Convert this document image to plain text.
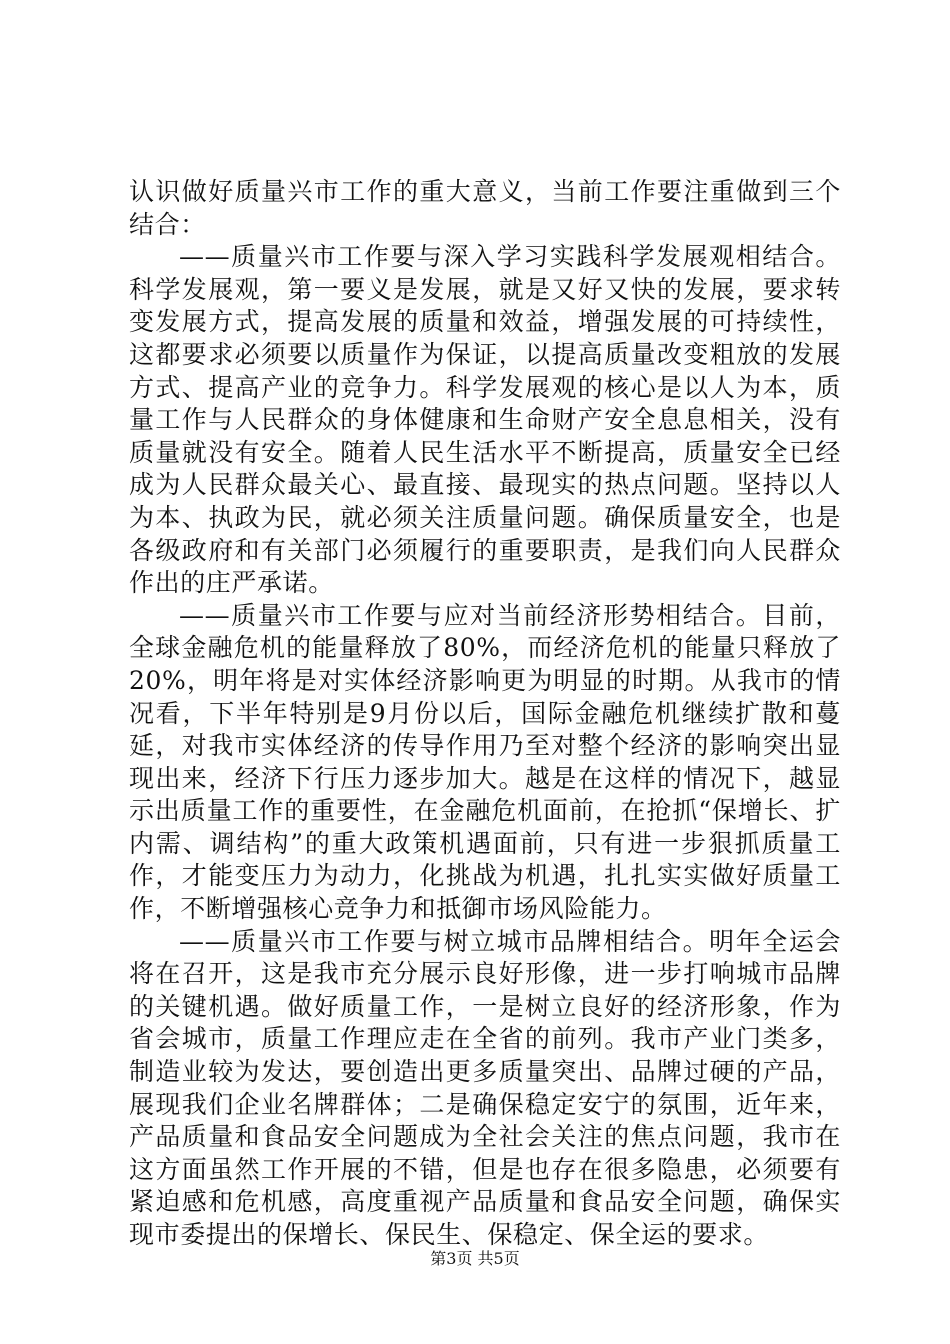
认识做好质量兴市工作的重大意义，当前工作要注重做到三个结合：

——质量兴市工作要与深入学习实践科学发展观相结合。科学发展观，第一要义是发展，就是又好又快的发展，要求转变发展方式，提高发展的质量和效益，增强发展的可持续性，这都要求必须要以质量作为保证，以提高质量改变粗放的发展方式、提高产业的竞争力。科学发展观的核心是以人为本，质量工作与人民群众的身体健康和生命财产安全息息相关，没有质量就没有安全。随着人民生活水平不断提高，质量安全已经成为人民群众最关心、最直接、最现实的热点问题。坚持以人为本、执政为民，就必须关注质量问题。确保质量安全，也是各级政府和有关部门必须履行的重要职责，是我们向人民群众作出的庄严承诺。

——质量兴市工作要与应对当前经济形势相结合。目前，全球金融危机的能量释放了80%，而经济危机的能量只释放了20%，明年将是对实体经济影响更为明显的时期。从我市的情况看，下半年特别是9月份以后，国际金融危机继续扩散和蔓延，对我市实体经济的传导作用乃至对整个经济的影响突出显现出来，经济下行压力逐步加大。越是在这样的情况下，越显示出质量工作的重要性，在金融危机面前，在抢抓“保增长、扩内需、调结构”的重大政策机遇面前，只有进一步狠抓质量工作，才能变压力为动力，化挑战为机遇，扎扎实实做好质量工作，不断增强核心竞争力和抵御市场风险能力。

——质量兴市工作要与树立城市品牌相结合。明年全运会将在召开，这是我市充分展示良好形像，进一步打响城市品牌的关键机遇。做好质量工作，一是树立良好的经济形象，作为省会城市，质量工作理应走在全省的前列。我市产业门类多，制造业较为发达，要创造出更多质量突出、品牌过硬的产品，展现我们企业名牌群体；二是确保稳定安宁的氛围，近年来，产品质量和食品安全问题成为全社会关注的焦点问题，我市在这方面虽然工作开展的不错，但是也存在很多隐患，必须要有紧迫感和危机感，高度重视产品质量和食品安全问题，确保实现市委提出的保增长、保民生、保稳定、保全运的要求。

第3页 共5页
